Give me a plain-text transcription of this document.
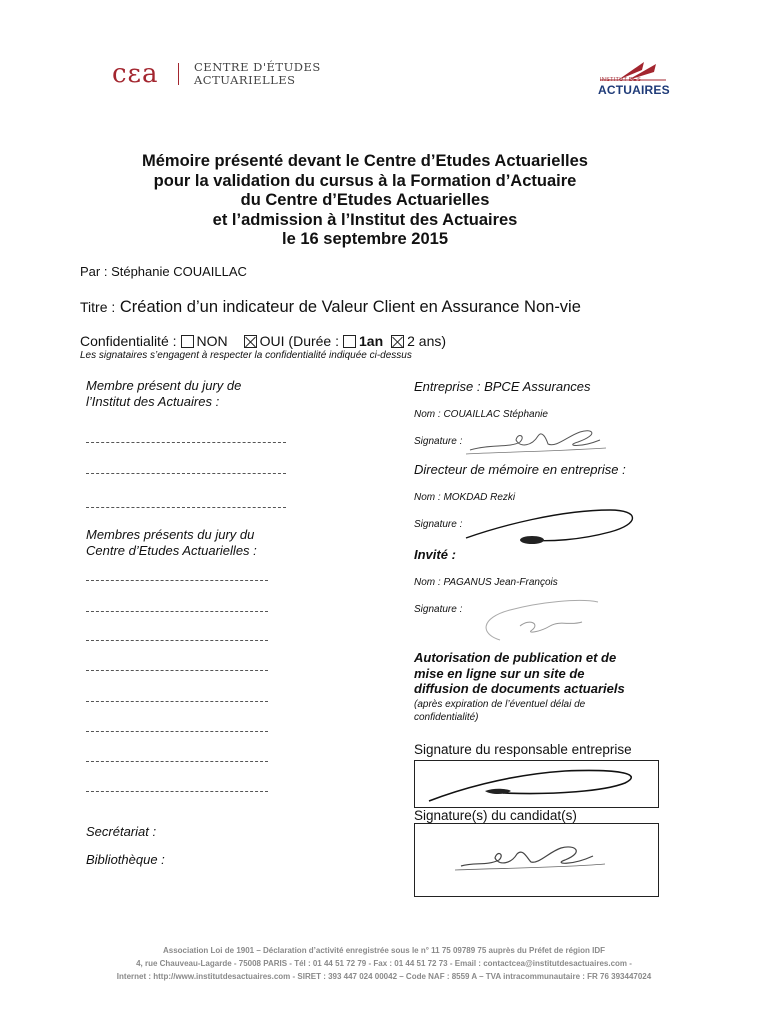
cεa	CENTRE D'ÉTUDES
ACTUARIELLES	INSTITUT DES
ACTUAIRES
Mémoire présenté devant le Centre d’Etudes Actuarielles
pour la validation du cursus à la Formation d’Actuaire
du Centre d’Etudes Actuarielles
et l’admission à l’Institut des Actuaires
le 16 septembre 2015
Par : Stéphanie COUAILLAC
Titre : Création d’un indicateur de Valeur Client en Assurance Non-vie
Confidentialité : NON OUI (Durée : 1an 2 ans)
Les signataires s’engagent à respecter la confidentialité indiquée ci-dessus
Membre présent du jury de
l’Institut des Actuaires :
Membres présents du jury du
Centre d’Etudes Actuarielles :
Secrétariat :
Bibliothèque :
Entreprise : BPCE Assurances
Nom : COUAILLAC Stéphanie
Signature :
Directeur de mémoire en entreprise :
Nom : MOKDAD Rezki
Signature :
Invité :
Nom : PAGANUS Jean-François
Signature :
Autorisation de publication et de
mise en ligne sur un site de
diffusion de documents actuariels
(après expiration de l’éventuel délai de
confidentialité)
Signature du responsable entreprise
Signature(s) du candidat(s)
Association Loi de 1901 – Déclaration d’activité enregistrée sous le n° 11 75 09789 75 auprès du Préfet de région IDF
4, rue Chauveau-Lagarde - 75008 PARIS - Tél : 01 44 51 72 79 - Fax : 01 44 51 72 73 - Email : contactcea@institutdesactuaires.com -
Internet : http://www.institutdesactuaires.com - SIRET : 393 447 024 00042 – Code NAF : 8559 A – TVA intracommunautaire : FR 76 393447024
